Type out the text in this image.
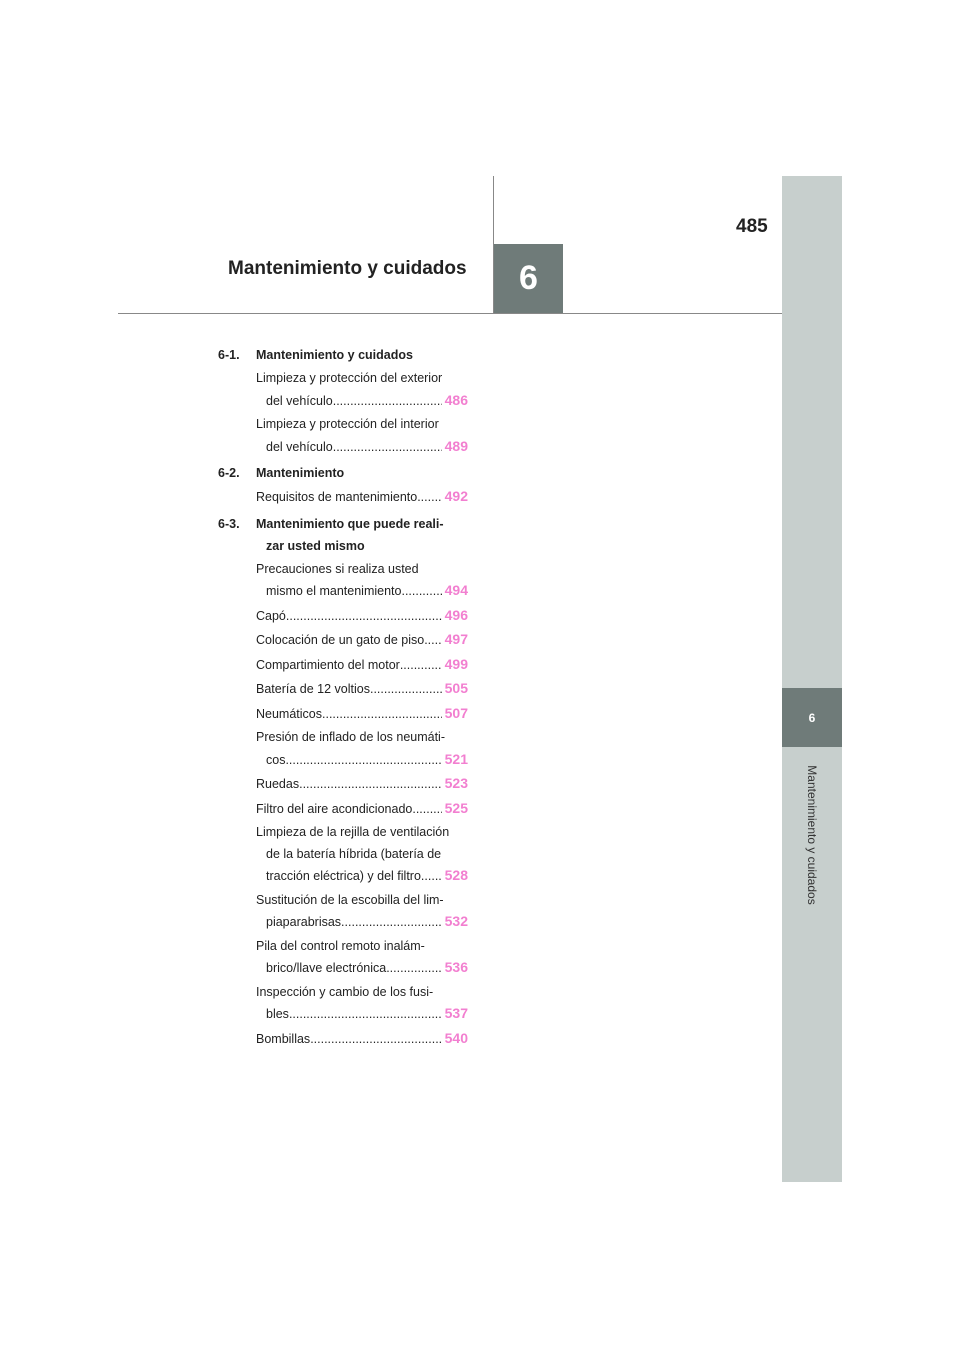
485
Mantenimiento y cuidados	6
6
Mantenimiento y cuidados
6-1. Mantenimiento y cuidados
Limpieza y protección del exterior
del vehículo .....	486
Limpieza y protección del interior
del vehículo .....	489
6-2. Mantenimiento
Requisitos de mantenimiento ..... 492
6-3. Mantenimiento que puede reali-
zar usted mismo
Precauciones si realiza usted
mismo el mantenimiento .....	494
Capó .....	496
Colocación de un gato de piso ..... 497
Compartimiento del motor .....	499
Batería de 12 voltios .....	505
Neumáticos .....	507
Presión de inflado de los neumáti-
cos .....	521
Ruedas .....	523
Filtro del aire acondicionado ..... 525
Limpieza de la rejilla de ventilación
de la batería híbrida (batería de
tracción eléctrica) y del filtro ..... 528
Sustitución de la escobilla del lim-
piaparabrisas .....	532
Pila del control remoto inalám-
brico/llave electrónica .....	536
Inspección y cambio de los fusi-
bles .....	537
Bombillas .....	540
